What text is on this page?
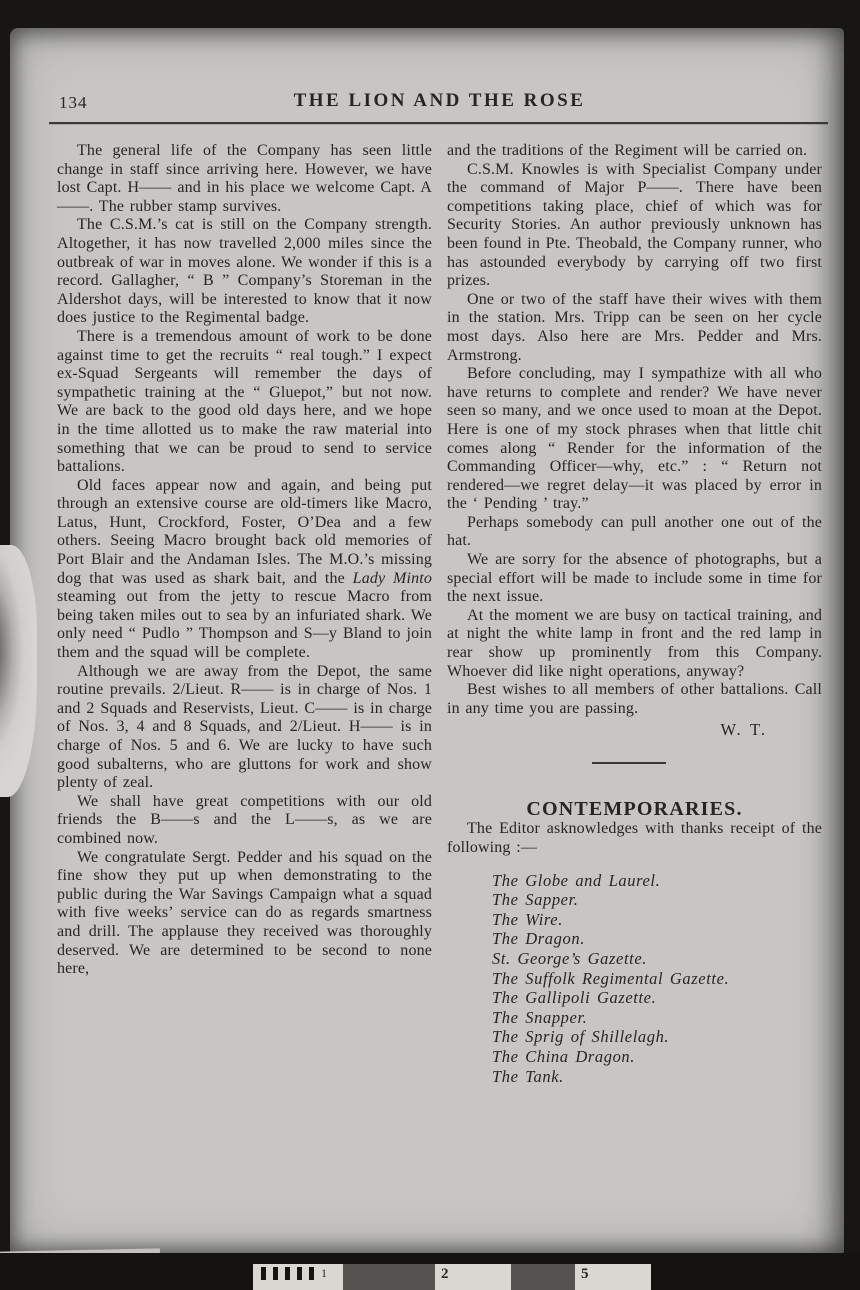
134	THE LION AND THE ROSE

The general life of the Company has seen little change in staff since arriving here. However, we have lost Capt. H—— and in his place we welcome Capt. A——. The rubber stamp survives.

The C.S.M.’s cat is still on the Company strength. Altogether, it has now travelled 2,000 miles since the outbreak of war in moves alone. We wonder if this is a record. Gallagher, “ B ” Company’s Storeman in the Aldershot days, will be interested to know that it now does justice to the Regimental badge.

There is a tremendous amount of work to be done against time to get the recruits “ real tough.” I expect ex-Squad Sergeants will remember the days of sympathetic training at the “ Gluepot,” but not now. We are back to the good old days here, and we hope in the time allotted us to make the raw material into something that we can be proud to send to service battalions.

Old faces appear now and again, and being put through an extensive course are old-timers like Macro, Latus, Hunt, Crockford, Foster, O’Dea and a few others. Seeing Macro brought back old memories of Port Blair and the Andaman Isles. The M.O.’s missing dog that was used as shark bait, and the Lady Minto steaming out from the jetty to rescue Macro from being taken miles out to sea by an infuriated shark. We only need “ Pudlo ” Thompson and S—y Bland to join them and the squad will be complete.

Although we are away from the Depot, the same routine prevails. 2/Lieut. R—— is in charge of Nos. 1 and 2 Squads and Reservists, Lieut. C—— is in charge of Nos. 3, 4 and 8 Squads, and 2/Lieut. H—— is in charge of Nos. 5 and 6. We are lucky to have such good subalterns, who are gluttons for work and show plenty of zeal.

We shall have great competitions with our old friends the B——s and the L——s, as we are combined now.

We congratulate Sergt. Pedder and his squad on the fine show they put up when demonstrating to the public during the War Savings Campaign what a squad with five weeks’ service can do as regards smartness and drill. The applause they received was thoroughly deserved. We are determined to be second to none here,

and the traditions of the Regiment will be carried on.

C.S.M. Knowles is with Specialist Company under the command of Major P——. There have been competitions taking place, chief of which was for Security Stories. An author previously unknown has been found in Pte. Theobald, the Company runner, who has astounded everybody by carrying off two first prizes.

One or two of the staff have their wives with them in the station. Mrs. Tripp can be seen on her cycle most days. Also here are Mrs. Pedder and Mrs. Armstrong.

Before concluding, may I sympathize with all who have returns to complete and render? We have never seen so many, and we once used to moan at the Depot. Here is one of my stock phrases when that little chit comes along “ Render for the information of the Commanding Officer—why, etc.” : “ Return not rendered—we regret delay—it was placed by error in the ‘ Pending ’ tray.”

Perhaps somebody can pull another one out of the hat.

We are sorry for the absence of photographs, but a special effort will be made to include some in time for the next issue.

At the moment we are busy on tactical training, and at night the white lamp in front and the red lamp in rear show up prominently from this Company. Whoever did like night operations, anyway?

Best wishes to all members of other battalions. Call in any time you are passing.

W. T.
CONTEMPORARIES.

The Editor asknowledges with thanks receipt of the following :—

The Globe and Laurel.
The Sapper.
The Wire.
The Dragon.
St. George’s Gazette.
The Suffolk Regimental Gazette.
The Gallipoli Gazette.
The Snapper.
The Sprig of Shillelagh.
The China Dragon.
The Tank.
1	2	5
